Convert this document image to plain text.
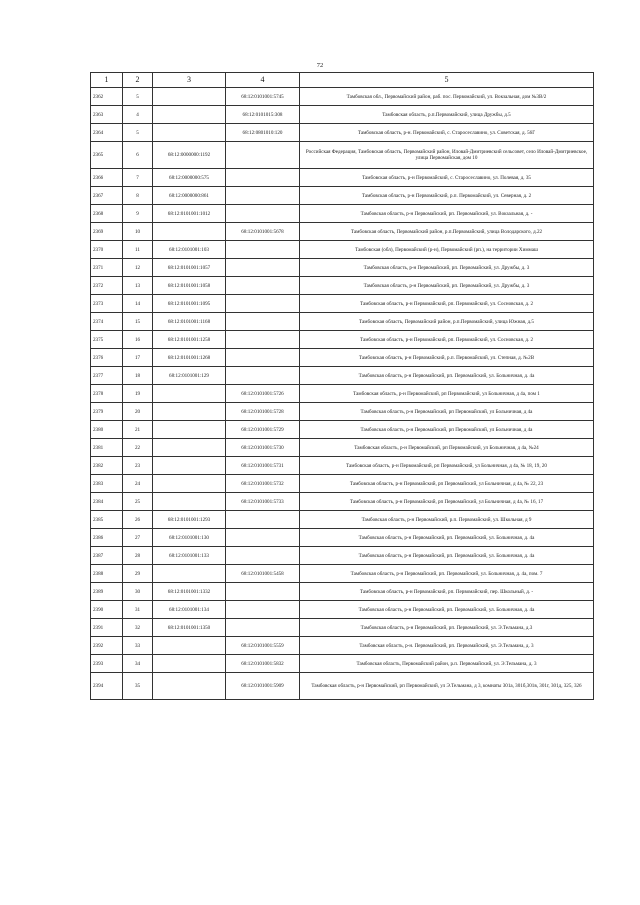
72
1	2	3	4	5
2362	5		68:12:0101001:5745	Тамбовская обл., Первомайский район, раб. пос. Первомайский, ул. Вокзальная, дом №3В/2
2363	4		68:12:0101015:308	Тамбовская область, р.п.Первомайский, улица Дружбы, д.5
2364	5		68:12:0801010:120	Тамбовская область, р-н. Первомайский, с. Старосеславино, ул. Советская, д. 56Г
2365	6	68:12:0000000:1192		Российская Федерация, Тамбовская область, Первомайский район, Иловай-Дмитриевский сельсовет, село Иловай-Дмитриевское, улица Первомайская, дом 10
2366	7	68:12:0000000:575		Тамбовская область, р-н Первомайский, с. Старосеславино, ул. Полевая, д. 35
2367	8	68:12:0000000:861		Тамбовская область, р-н Первомайский, р.п. Первомайский, ул. Северная, д. 2
2368	9	68:12:0101001:1012		Тамбовская область, р-н Первомайский, рп. Первомайский, ул. Вокзальная, д. -
2369	10		68:12:0101001:5678	Тамбовская область, Первомайский район, р.п.Первомайский, улица Володарского, д.22
2370	11	68:12:0101001:103		Тамбовская (обл), Первомайский (р-н), Первомайский (рп.), на территории Химмаш
2371	12	68:12:0101001:1057		Тамбовская область, р-н Первомайский, рп. Первомайский, ул. Дружбы, д. 3
2372	13	68:12:0101001:1058		Тамбовская область, р-н Первомайский, рп. Первомайский, ул. Дружбы, д. 3
2373	14	68:12:0101001:1095		Тамбовская область, р-н Первомайский, рп. Первомайский, ул. Сосновская, д. 2
2374	15	68:12:0101001:1168		Тамбовская область, Первомайский район, р.п.Первомайский, улица Южная, д.5
2375	16	68:12:0101001:1258		Тамбовская область, р-н Первомайский, рп. Первомайский, ул. Сосновская, д. 2
2376	17	68:12:0101001:1268		Тамбовская область, р-н Первомайский, р.п. Первомайский, ул. Степная, д. №2В
2377	18	68:12:0101001:129		Тамбовская область, р-н Первомайский, рп. Первомайский, ул. Больничная, д. 4а
2378	19		68:12:0101001:5726	Тамбовская область, р-н Первомайский, рп Первомайский, ул Больничная, д 4а, пом 1
2379	20		68:12:0101001:5728	Тамбовская область, р-н Первомайский, рп Первомайский, ул Больничная, д 4а
2380	21		68:12:0101001:5729	Тамбовская область, р-н Первомайский, рп Первомайский, ул Больничная, д 4а
2381	22		68:12:0101001:5730	Тамбовская область, р-н Первомайский, рп Первомайский, ул Больничная, д 4а, №24
2382	23		68:12:0101001:5731	Тамбовская область, р-н Первомайский, рп Первомайский, ул Больничная, д 4а, № 18, 19, 20
2383	24		68:12:0101001:5732	Тамбовская область, р-н Первомайский, рп Первомайский, ул Больничная, д 4а, № 22, 23
2384	25		68:12:0101001:5733	Тамбовская область, р-н Первомайский, рп Первомайский, ул Больничная, д 4а, № 16, 17
2385	26	68:12:0101001:1293		Тамбовская область, р-н Первомайский, р.п. Первомайский, ул. Школьная, д 9
2386	27	68:12:0101001:130		Тамбовская область, р-н Первомайский, рп. Первомайский, ул. Больничная, д. 4а
2387	28	68:12:0101001:133		Тамбовская область, р-н Первомайский, рп. Первомайский, ул. Больничная, д. 4а
2388	29		68:12:0101001:5458	Тамбовская область, р-н Первомайский, рп. Первомайский, ул. Больничная, д. 4а, пом. 7
2389	30	68:12:0101001:1332		Тамбовская область, р-н Первомайский, рп. Первомайский, пер. Школьный, д. -
2390	31	68:12:0101001:134		Тамбовская область, р-н Первомайский, рп. Первомайский, ул. Больничная, д. 4а
2391	32	68:12:0101001:1350		Тамбовская область, р-н Первомайский, рп. Первомайский, ул. Э.Тельмана, д.3
2392	33		68:12:0101001:5559	Тамбовская область, р-н. Первомайский, рп. Первомайский, ул. Э.Тельмана, д. 3
2393	34		68:12:0101001:5832	Тамбовская область, Первомайский район, р.п. Первомайский, ул. Э.Тельмана, д. 3
2394	35		68:12:0101001:5909	Тамбовская область, р-н Первомайский, рп Первомайский, ул Э.Тельмана, д 3, комнаты 301а, 301б,301в, 301г, 301д, 325, 326
